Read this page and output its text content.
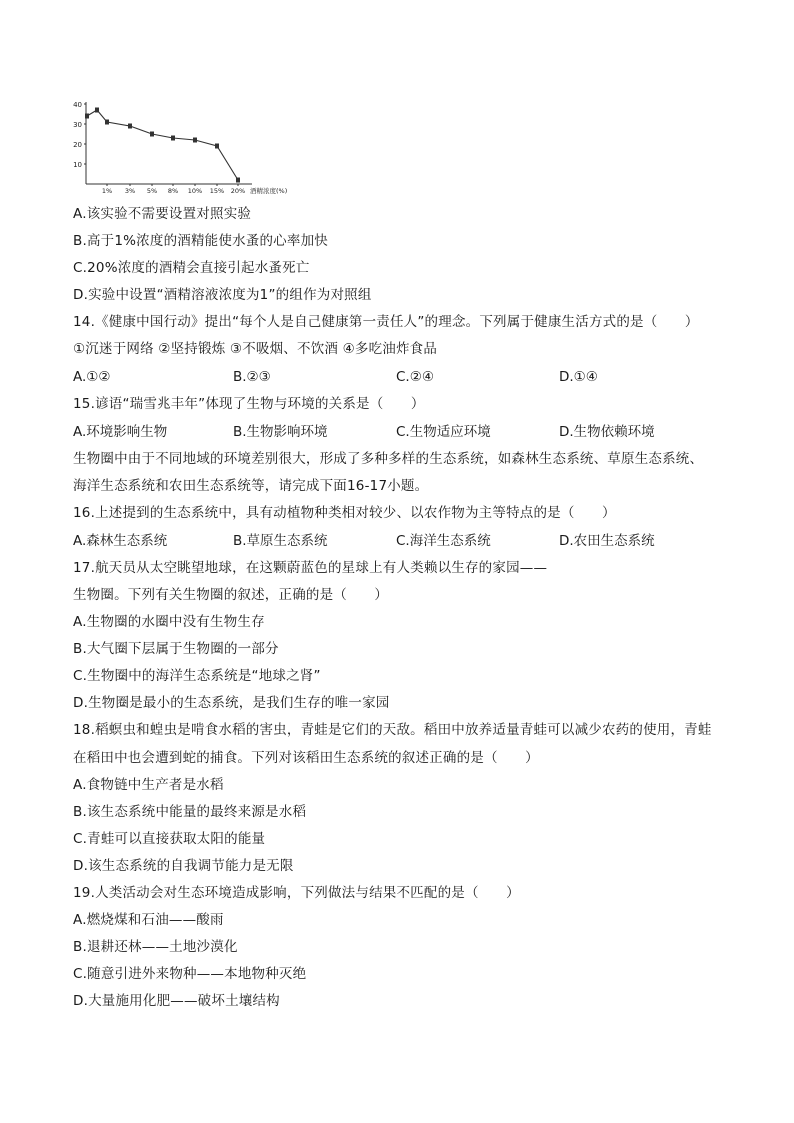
10
20
30
40
1% 3% 5% 8% 10% 15% 20% 酒精浓度(%)
A.该实验不需要设置对照实验
B.高于1%浓度的酒精能使水蚤的心率加快
C.20%浓度的酒精会直接引起水蚤死亡
D.实验中设置“酒精溶液浓度为1”的组作为对照组
14.《健康中国行动》提出“每个人是自己健康第一责任人”的理念。下列属于健康生活方式的是（　　）
①沉迷于网络 ②坚持锻炼 ③不吸烟、不饮酒 ④多吃油炸食品
A.①②	B.②③	C.②④	D.①④
15.谚语“瑞雪兆丰年”体现了生物与环境的关系是（　　）
A.环境影响生物	B.生物影响环境	C.生物适应环境	D.生物依赖环境
生物圈中由于不同地域的环境差别很大，形成了多种多样的生态系统，如森林生态系统、草原生态系统、
海洋生态系统和农田生态系统等，请完成下面16-17小题。
16.上述提到的生态系统中，具有动植物种类相对较少、以农作物为主等特点的是（　　）
A.森林生态系统	B.草原生态系统	C.海洋生态系统	D.农田生态系统
17.航天员从太空眺望地球，在这颗蔚蓝色的星球上有人类赖以生存的家园——
生物圈。下列有关生物圈的叙述，正确的是（　　）
A.生物圈的水圈中没有生物生存
B.大气圈下层属于生物圈的一部分
C.生物圈中的海洋生态系统是“地球之肾”
D.生物圈是最小的生态系统，是我们生存的唯一家园
18.稻螟虫和蝗虫是啃食水稻的害虫，青蛙是它们的天敌。稻田中放养适量青蛙可以减少农药的使用，青蛙
在稻田中也会遭到蛇的捕食。下列对该稻田生态系统的叙述正确的是（　　）
A.食物链中生产者是水稻
B.该生态系统中能量的最终来源是水稻
C.青蛙可以直接获取太阳的能量
D.该生态系统的自我调节能力是无限
19.人类活动会对生态环境造成影响，下列做法与结果不匹配的是（　　）
A.燃烧煤和石油——酸雨
B.退耕还林——土地沙漠化
C.随意引进外来物种——本地物种灭绝
D.大量施用化肥——破坏土壤结构
